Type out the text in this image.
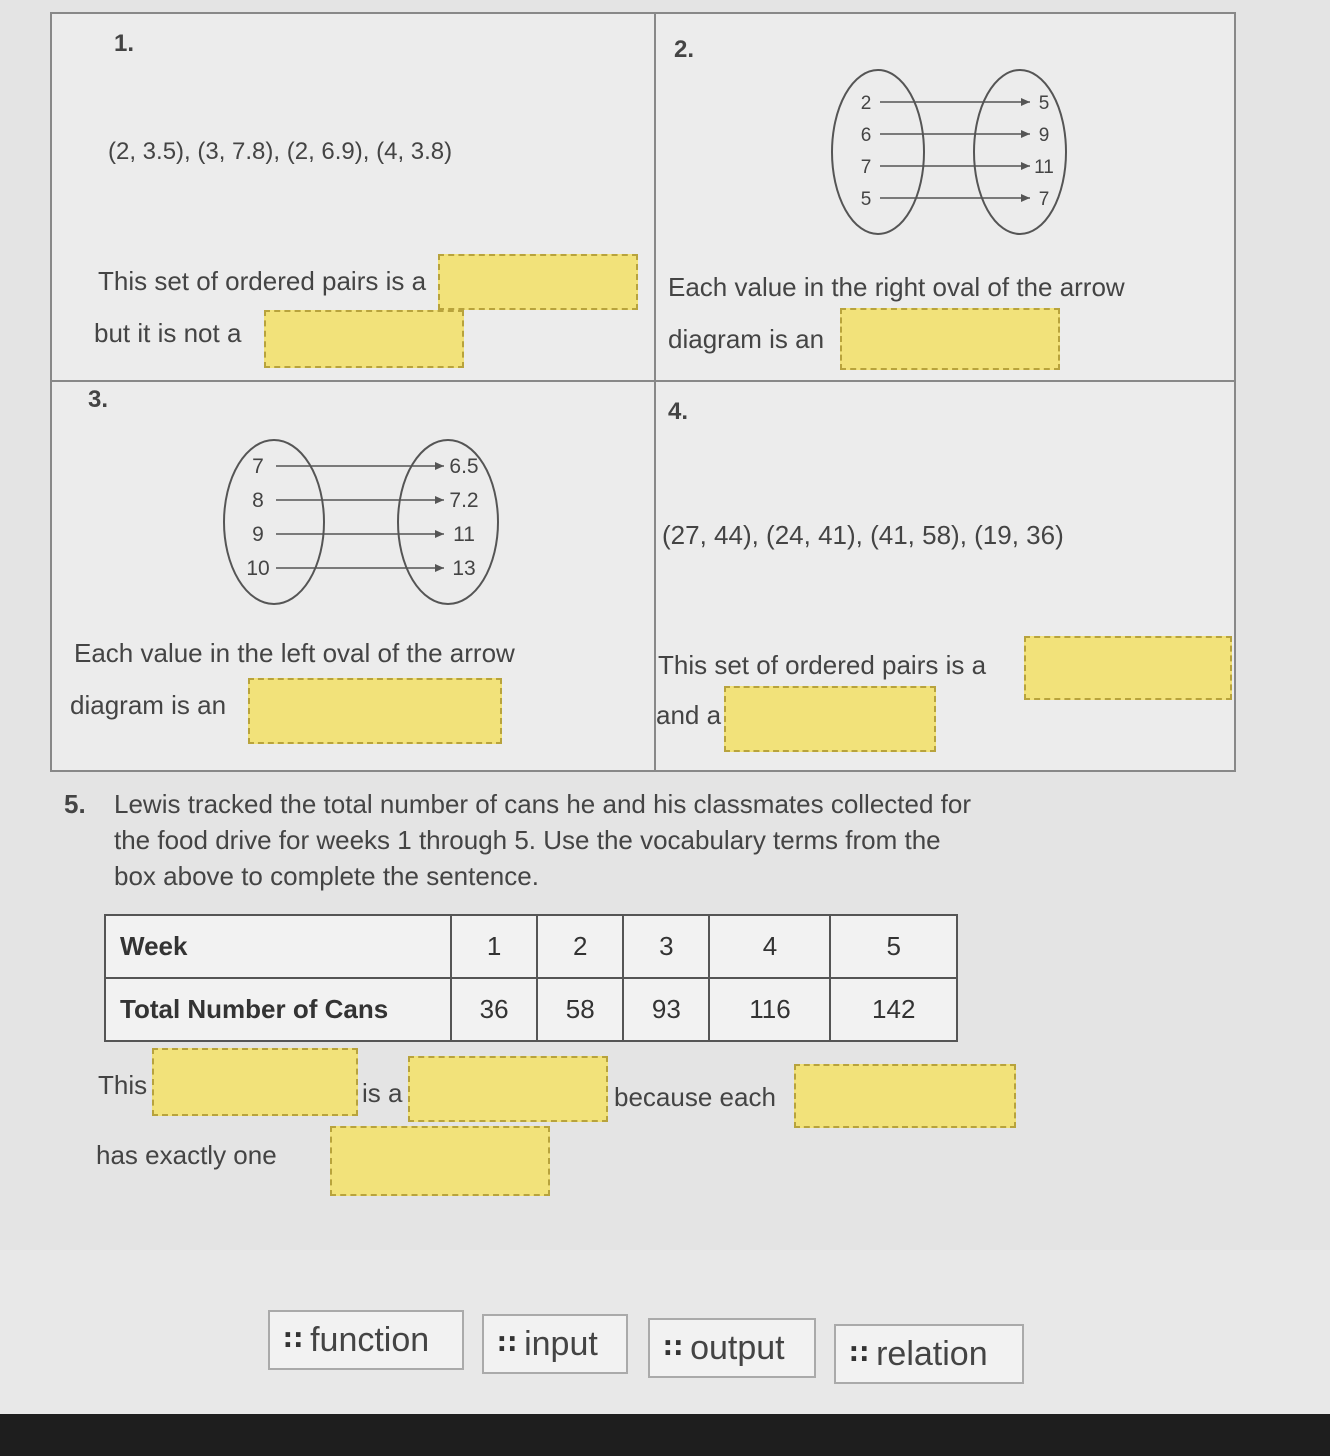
1.
(2, 3.5), (3, 7.8), (2, 6.9), (4, 3.8)
This set of ordered pairs is a
but it is not a
2.
2	5
6	9
7	11
5	7
Each value in the right oval of the arrow
diagram is an
3.
7	6.5
8	7.2
9	11
10	13
Each value in the left oval of the arrow
diagram is an
4.
(27, 44), (24, 41), (41, 58), (19, 36)
This set of ordered pairs is a
and a
5. Lewis tracked the total number of cans he and his classmates collected for the food drive for weeks 1 through 5. Use the vocabulary terms from the box above to complete the sentence.
Week	1	2	3	4	5
Total Number of Cans	36	58	93	116	142
This	is a	because each
has exactly one
∷ function	∷ input	∷ output	∷ relation
